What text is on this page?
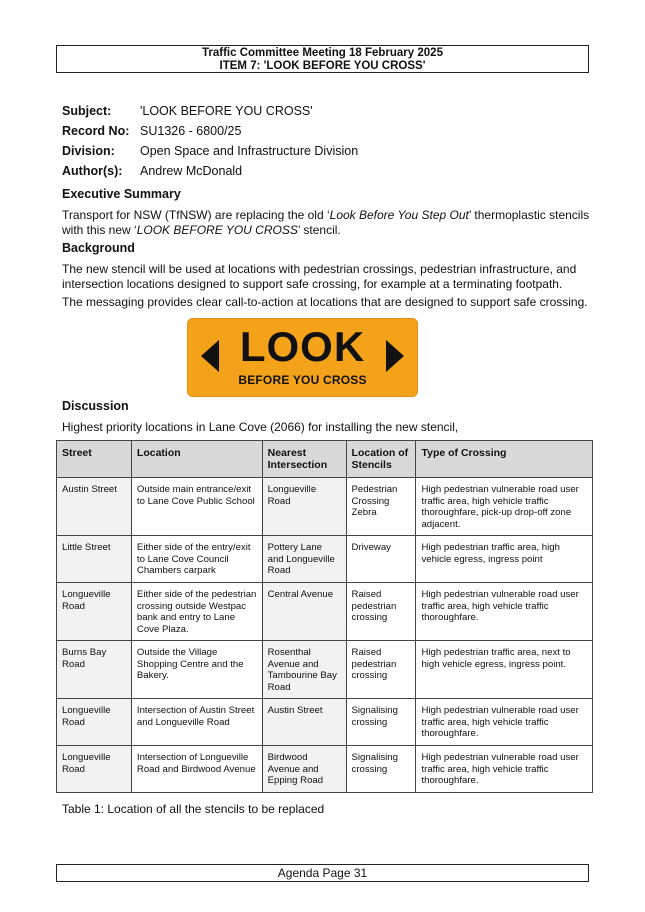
Traffic Committee Meeting 18 February 2025
ITEM 7: 'LOOK BEFORE YOU CROSS'
Subject:	'LOOK BEFORE YOU CROSS'
Record No: SU1326 - 6800/25
Division:	Open Space and Infrastructure Division
Author(s):	Andrew McDonald
Executive Summary
Transport for NSW (TfNSW) are replacing the old ‘Look Before You Step Out’ thermoplastic stencils with this new ‘LOOK BEFORE YOU CROSS’ stencil.
Background
The new stencil will be used at locations with pedestrian crossings, pedestrian infrastructure, and intersection locations designed to support safe crossing, for example at a terminating footpath.
The messaging provides clear call-to-action at locations that are designed to support safe crossing.
LOOK
BEFORE YOU CROSS
Discussion
Highest priority locations in Lane Cove (2066) for installing the new stencil,
Street	Location	Nearest Intersection	Location of Stencils	Type of Crossing
Austin Street	Outside main entrance/exit to Lane Cove Public School	Longueville Road	Pedestrian Crossing Zebra	High pedestrian vulnerable road user traffic area, high vehicle traffic thoroughfare, pick-up drop-off zone adjacent.
Little Street	Either side of the entry/exit to Lane Cove Council Chambers carpark	Pottery Lane and Longueville Road	Driveway	High pedestrian traffic area, high vehicle egress, ingress point
Longueville Road	Either side of the pedestrian crossing outside Westpac bank and entry to Lane Cove Plaza.	Central Avenue	Raised pedestrian crossing	High pedestrian vulnerable road user traffic area, high vehicle traffic thoroughfare.
Burns Bay Road	Outside the Village Shopping Centre and the Bakery.	Rosenthal Avenue and Tambourine Bay Road	Raised pedestrian crossing	High pedestrian traffic area, next to high vehicle egress, ingress point.
Longueville Road	Intersection of Austin Street and Longueville Road	Austin Street	Signalising crossing	High pedestrian vulnerable road user traffic area, high vehicle traffic thoroughfare.
Longueville Road	Intersection of Longueville Road and Birdwood Avenue	Birdwood Avenue and Epping Road	Signalising crossing	High pedestrian vulnerable road user traffic area, high vehicle traffic thoroughfare.
Table 1: Location of all the stencils to be replaced
Agenda Page 31
